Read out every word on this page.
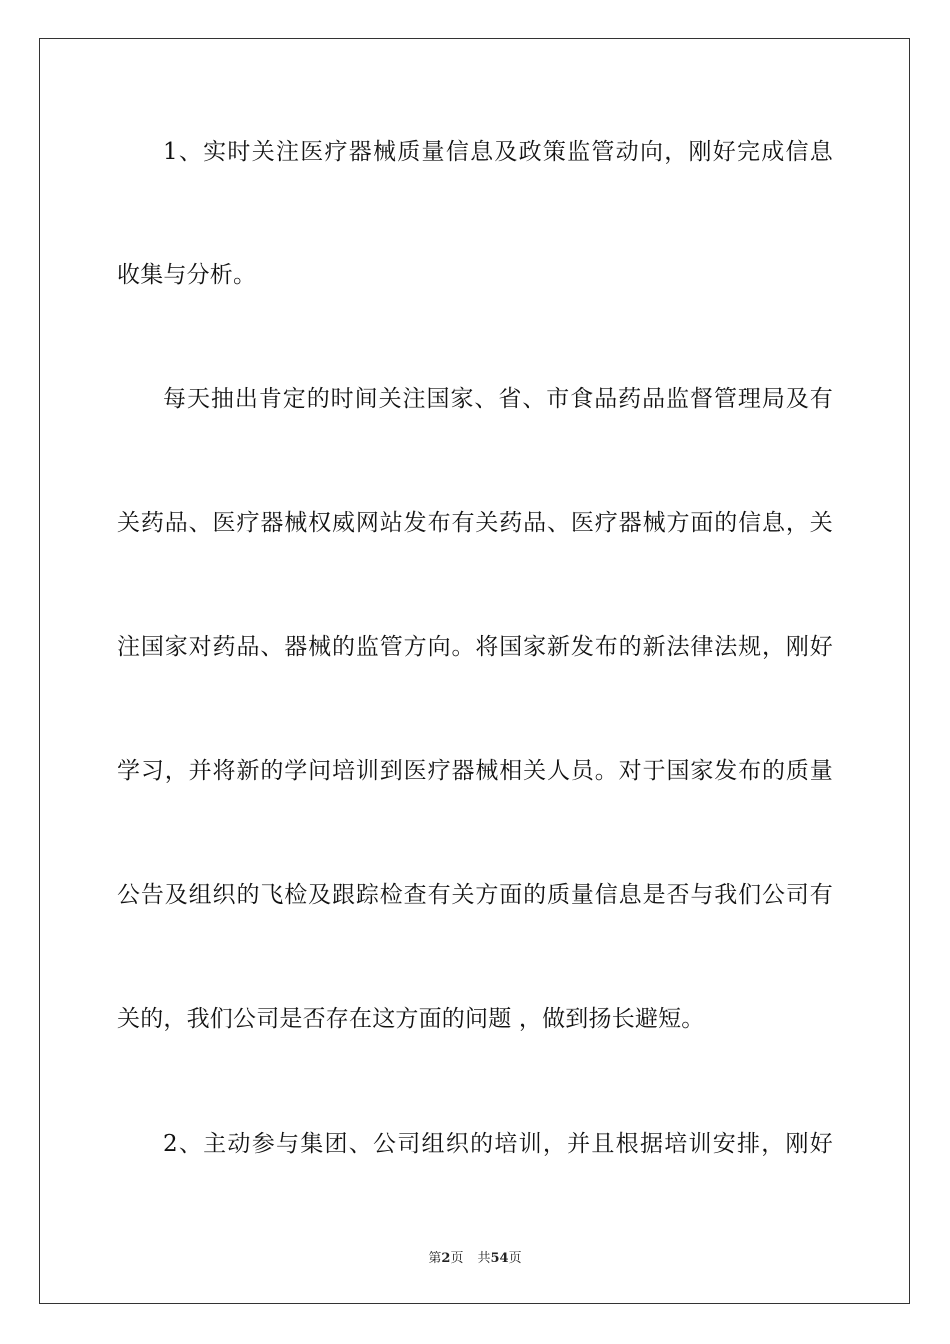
1、实时关注医疗器械质量信息及政策监管动向，刚好完成信息
收集与分析。
每天抽出肯定的时间关注国家、省、市食品药品监督管理局及有
关药品、医疗器械权威网站发布有关药品、医疗器械方面的信息，关
注国家对药品、器械的监管方向。将国家新发布的新法律法规，刚好
学习，并将新的学问培训到医疗器械相关人员。对于国家发布的质量
公告及组织的飞检及跟踪检查有关方面的质量信息是否与我们公司有
关的，我们公司是否存在这方面的问题 ，做到扬长避短。
2、主动参与集团、公司组织的培训，并且根据培训安排，刚好
第2页 共54页
